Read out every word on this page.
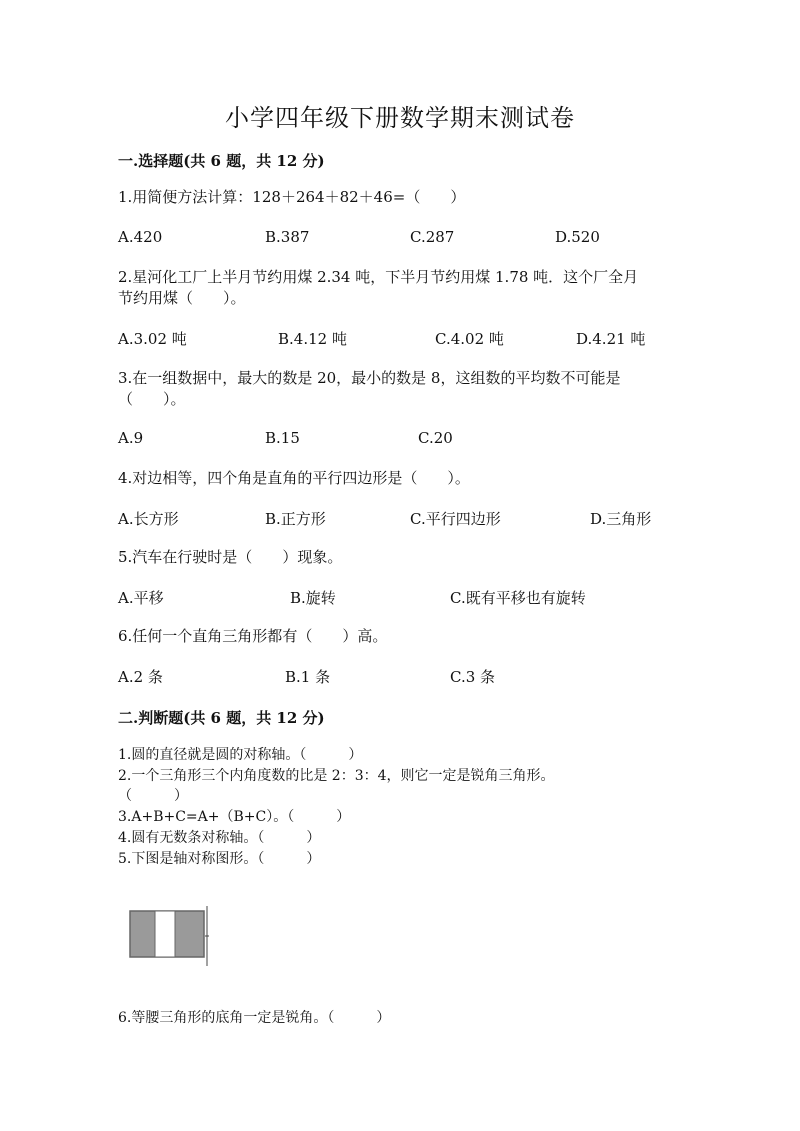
小学四年级下册数学期末测试卷
一.选择题(共 6 题，共 12 分)
1.用简便方法计算：128＋264＋82＋46=（　　）
A.420	B.387	C.287	D.520
2.星河化工厂上半月节约用煤 2.34 吨，下半月节约用煤 1.78 吨．这个厂全月
节约用煤（　　）。
A.3.02 吨	B.4.12 吨	C.4.02 吨	D.4.21 吨
3.在一组数据中，最大的数是 20，最小的数是 8，这组数的平均数不可能是
（　　）。
A.9	B.15	C.20
4.对边相等，四个角是直角的平行四边形是（　　）。
A.长方形	B.正方形	C.平行四边形	D.三角形
5.汽车在行驶时是（　　）现象。
A.平移	B.旋转	C.既有平移也有旋转
6.任何一个直角三角形都有（　　）高。
A.2 条	B.1 条	C.3 条
二.判断题(共 6 题，共 12 分)
1.圆的直径就是圆的对称轴。（　　　）
2.一个三角形三个内角度数的比是 2：3：4，则它一定是锐角三角形。
（　　　）
3.A+B+C=A+（B+C）。（　　　）
4.圆有无数条对称轴。（　　　）
5.下图是轴对称图形。（　　　）
6.等腰三角形的底角一定是锐角。（　　　）
